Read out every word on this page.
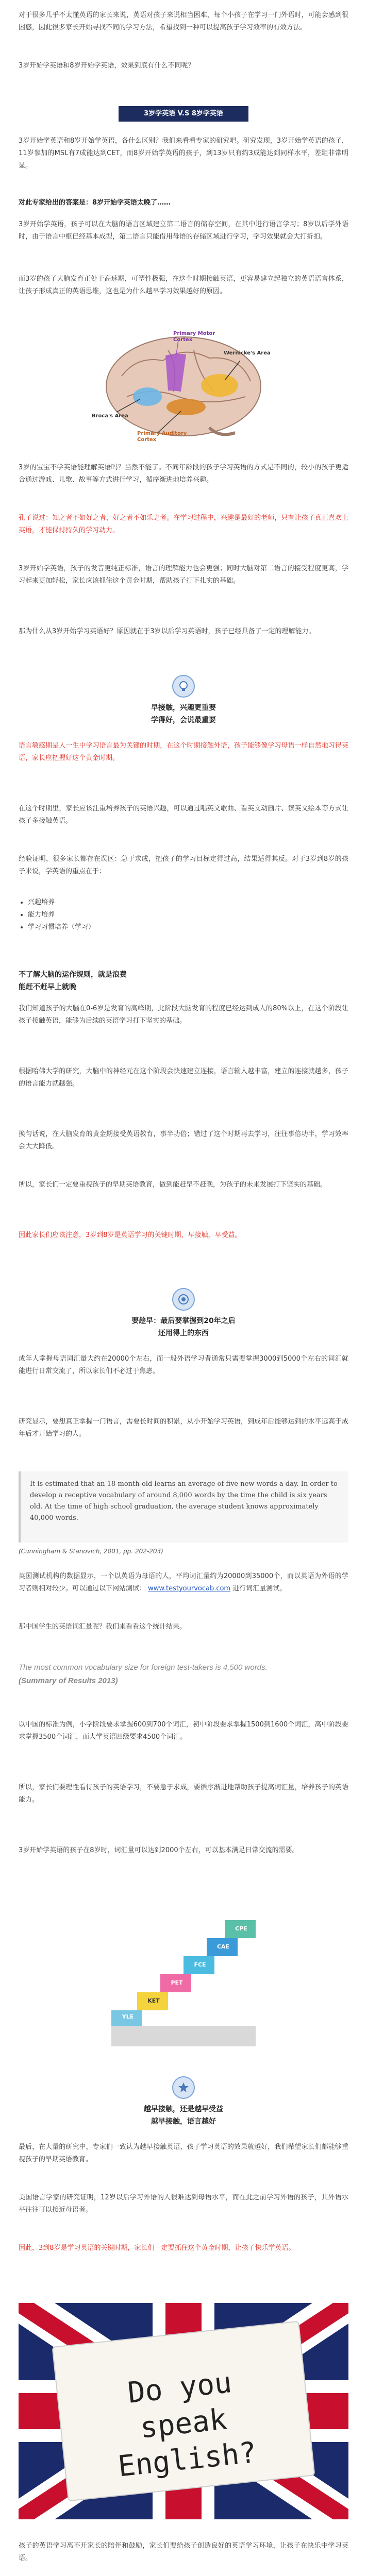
对于很多几乎不太懂英语的家长来说，英语对孩子来说相当困难，每个小孩子在学习一门外语时，可能会感到很困惑，因此很多家长开始寻找不同的学习方法，希望找到一种可以提高孩子学习效率的有效方法。
3岁开始学英语和8岁开始学英语，效果到底有什么不同呢？
3岁学英语 V.S 8岁学英语
3岁开始学英语和8岁开始学英语，各什么区别？我们来看看专家的研究吧。研究发现，3岁开始学英语的孩子，11岁参加的MSL有7成能达到CET，而8岁开始学英语的孩子，到13岁只有约3成能达到同样水平，差距非常明显。
对此专家给出的答案是：8岁开始学英语太晚了……
3岁开始学英语，孩子可以在大脑的语言区域建立第二语言的储存空间，在其中进行语言学习；8岁以后学外语时，由于语言中枢已经基本成型，第二语言只能借用母语的存储区域进行学习，学习效果就会大打折扣。
而3岁的孩子大脑发育正处于高速期，可塑性极强，在这个时期接触英语，更容易建立起独立的英语语言体系，让孩子形成真正的英语思维，这也是为什么越早学习效果越好的原因。
Primary Motor Cortex
Wernicke's Area
Broca's Area
Primary Auditory Cortex
3岁的宝宝不学英语能理解英语吗？当然不能了。不同年龄段的孩子学习英语的方式是不同的，较小的孩子更适合通过游戏、儿歌、故事等方式进行学习，循序渐进地培养兴趣。
孔子说过：知之者不如好之者，好之者不如乐之者。在学习过程中，兴趣是最好的老师，只有让孩子真正喜欢上英语，才能保持持久的学习动力。
3岁开始学英语，孩子的发音更纯正标准，语言的理解能力也会更强；同时大脑对第二语言的接受程度更高，学习起来更加轻松，家长应该抓住这个黄金时期，帮助孩子打下扎实的基础。
那为什么从3岁开始学习英语好？原因就在于3岁以后学习英语时，孩子已经具备了一定的理解能力。
早接触，兴趣更重要
学得好，会说最重要
语言敏感期是人一生中学习语言最为关键的时期，在这个时期接触外语，孩子能够像学习母语一样自然地习得英语，家长应把握好这个黄金时期。
在这个时期里，家长应该注重培养孩子的英语兴趣，可以通过唱英文歌曲、看英文动画片、读英文绘本等方式让孩子多接触英语。
经验证明，很多家长都存在误区：急于求成，把孩子的学习目标定得过高，结果适得其反。对于3岁到8岁的孩子来说，学英语的重点在于：
• 兴趣培养
• 能力培养
• 学习习惯培养（学习）
不了解大脑的运作规则，就是浪费
能赶不赶早上就晚
我们知道孩子的大脑在0-6岁是发育的高峰期，此阶段大脑发育的程度已经达到成人的80%以上，在这个阶段让孩子接触英语，能够为后续的英语学习打下坚实的基础。
根据哈佛大学的研究，大脑中的神经元在这个阶段会快速建立连接，语言输入越丰富，建立的连接就越多，孩子的语言能力就越强。
换句话说，在大脑发育的黄金期接受英语教育，事半功倍；错过了这个时期再去学习，往往事倍功半，学习效率会大大降低。
所以，家长们一定要重视孩子的早期英语教育，做到能赶早不赶晚，为孩子的未来发展打下坚实的基础。
因此家长们应该注意，3岁到8岁是英语学习的关键时期，早接触，早受益。
要趁早：最后要掌握到20年之后
还用得上的东西
成年人掌握母语词汇量大约在20000个左右，而一般外语学习者通常只需要掌握3000到5000个左右的词汇就能进行日常交流了，所以家长们不必过于焦虑。
研究显示，要想真正掌握一门语言，需要长时间的积累，从小开始学习英语，到成年后能够达到的水平远高于成年后才开始学习的人。
It is estimated that an 18-month-old learns an average of five new words a day. In order to develop a receptive vocabulary of around 8,000 words by the time the child is six years old. At the time of high school graduation, the average student knows approximately 40,000 words.
(Cunningham & Stanovich, 2001, pp. 202-203)
英国测试机构的数据显示，一个以英语为母语的人，平均词汇量约为20000到35000个，而以英语为外语的学习者则相对较少。可以通过以下网站测试： www.testyourvocab.com 进行词汇量测试。
那中国学生的英语词汇量呢？我们来看看这个统计结果。
The most common vocabulary size for foreign test-takers is 4,500 words.
(Summary of Results 2013)
以中国的标准为例，小学阶段要求掌握600到700个词汇，初中阶段要求掌握1500到1600个词汇，高中阶段要求掌握3500个词汇，而大学英语四级要求4500个词汇。
所以，家长们要理性看待孩子的英语学习，不要急于求成，要循序渐进地帮助孩子提高词汇量，培养孩子的英语能力。
3岁开始学英语的孩子在8岁时，词汇量可以达到2000个左右，可以基本满足日常交流的需要。
YLE
KET
PET
FCE
CAE
CPE
越早接触，还是越早受益
越早接触，语言越好
最后，在大量的研究中，专家们一致认为越早接触英语，孩子学习英语的效果就越好，我们希望家长们都能够重视孩子的早期英语教育。
美国语言学家的研究证明，12岁以后学习外语的人很难达到母语水平，而在此之前学习外语的孩子，其外语水平往往可以接近母语者。
因此，3到8岁是学习英语的关键时期，家长们一定要抓住这个黄金时期，让孩子快乐学英语。
Do you speak English?
孩子的英语学习离不开家长的陪伴和鼓励，家长们要给孩子创造良好的英语学习环境，让孩子在快乐中学习英语。
